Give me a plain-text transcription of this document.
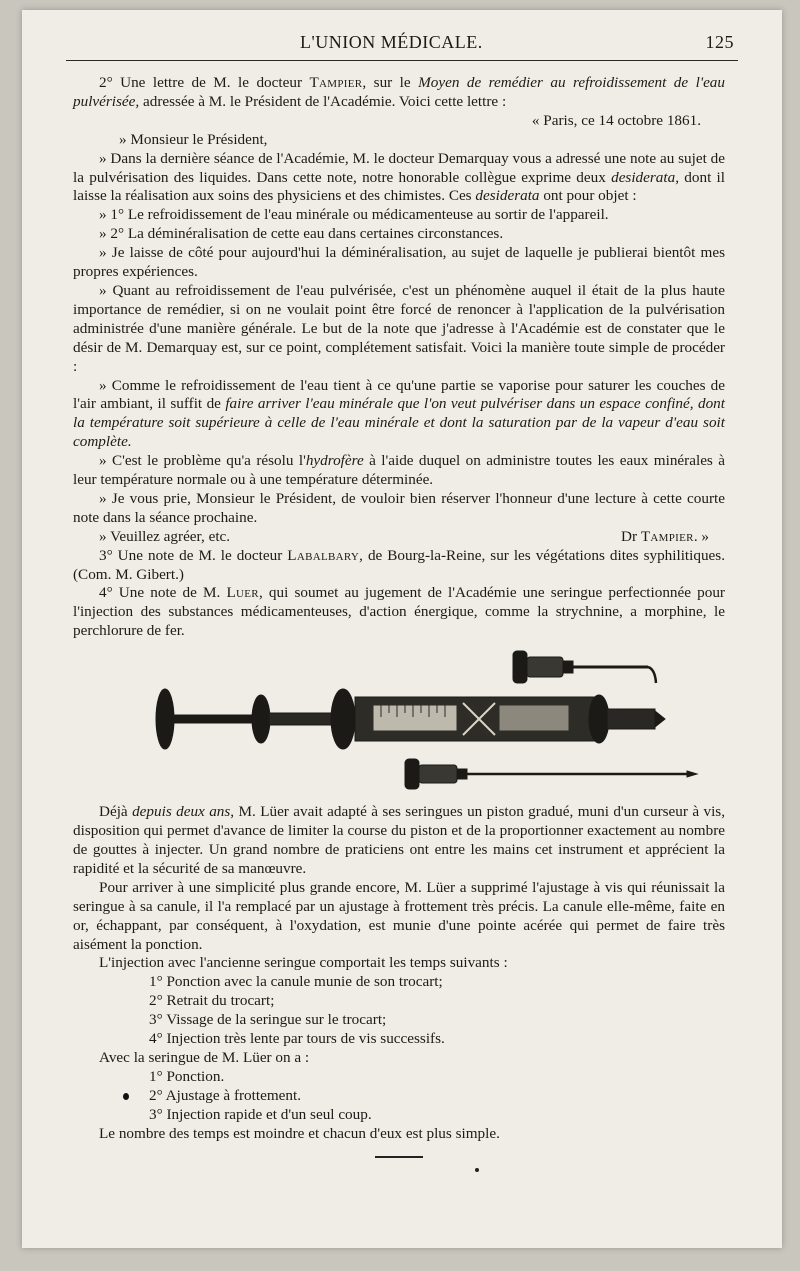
L'UNION MÉDICALE.	125

2° Une lettre de M. le docteur Tampier, sur le Moyen de remédier au refroidissement de l'eau pulvérisée, adressée à M. le Président de l'Académie. Voici cette lettre :

« Paris, ce 14 octobre 1861.

» Monsieur le Président,

» Dans la dernière séance de l'Académie, M. le docteur Demarquay vous a adressé une note au sujet de la pulvérisation des liquides. Dans cette note, notre honorable collègue exprime deux desiderata, dont il laisse la réalisation aux soins des physiciens et des chimistes. Ces desiderata ont pour objet :

» 1° Le refroidissement de l'eau minérale ou médicamenteuse au sortir de l'appareil.

» 2° La déminéralisation de cette eau dans certaines circonstances.

» Je laisse de côté pour aujourd'hui la déminéralisation, au sujet de laquelle je publierai bientôt mes propres expériences.

» Quant au refroidissement de l'eau pulvérisée, c'est un phénomène auquel il était de la plus haute importance de remédier, si on ne voulait point être forcé de renoncer à l'application de la pulvérisation administrée d'une manière générale. Le but de la note que j'adresse à l'Académie est de constater que le désir de M. Demarquay est, sur ce point, complétement satisfait. Voici la manière toute simple de procéder :

» Comme le refroidissement de l'eau tient à ce qu'une partie se vaporise pour saturer les couches de l'air ambiant, il suffit de faire arriver l'eau minérale que l'on veut pulvériser dans un espace confiné, dont la température soit supérieure à celle de l'eau minérale et dont la saturation par de la vapeur d'eau soit complète.

» C'est le problème qu'a résolu l'hydrofère à l'aide duquel on administre toutes les eaux minérales à leur température normale ou à une température déterminée.

» Je vous prie, Monsieur le Président, de vouloir bien réserver l'honneur d'une lecture à cette courte note dans la séance prochaine.

» Veuillez agréer, etc.	Dr Tampier. »

3° Une note de M. le docteur Labalbary, de Bourg-la-Reine, sur les végétations dites syphilitiques. (Com. M. Gibert.)

4° Une note de M. Luer, qui soumet au jugement de l'Académie une seringue perfectionnée pour l'injection des substances médicamenteuses, d'action énergique, comme la strychnine, a morphine, le perchlorure de fer.

Déjà depuis deux ans, M. Lüer avait adapté à ses seringues un piston gradué, muni d'un curseur à vis, disposition qui permet d'avance de limiter la course du piston et de la proportionner exactement au nombre de gouttes à injecter. Un grand nombre de praticiens ont entre les mains cet instrument et apprécient la rapidité et la sécurité de sa manœuvre.

Pour arriver à une simplicité plus grande encore, M. Lüer a supprimé l'ajustage à vis qui réunissait la seringue à sa canule, il l'a remplacé par un ajustage à frottement très précis. La canule elle-même, faite en or, échappant, par conséquent, à l'oxydation, est munie d'une pointe acérée qui permet de faire très aisément la ponction.

L'injection avec l'ancienne seringue comportait les temps suivants :

1° Ponction avec la canule munie de son trocart;

2° Retrait du trocart;

3° Vissage de la seringue sur le trocart;

4° Injection très lente par tours de vis successifs.

Avec la seringue de M. Lüer on a :

1° Ponction.

2° Ajustage à frottement.

3° Injection rapide et d'un seul coup.

Le nombre des temps est moindre et chacun d'eux est plus simple.
